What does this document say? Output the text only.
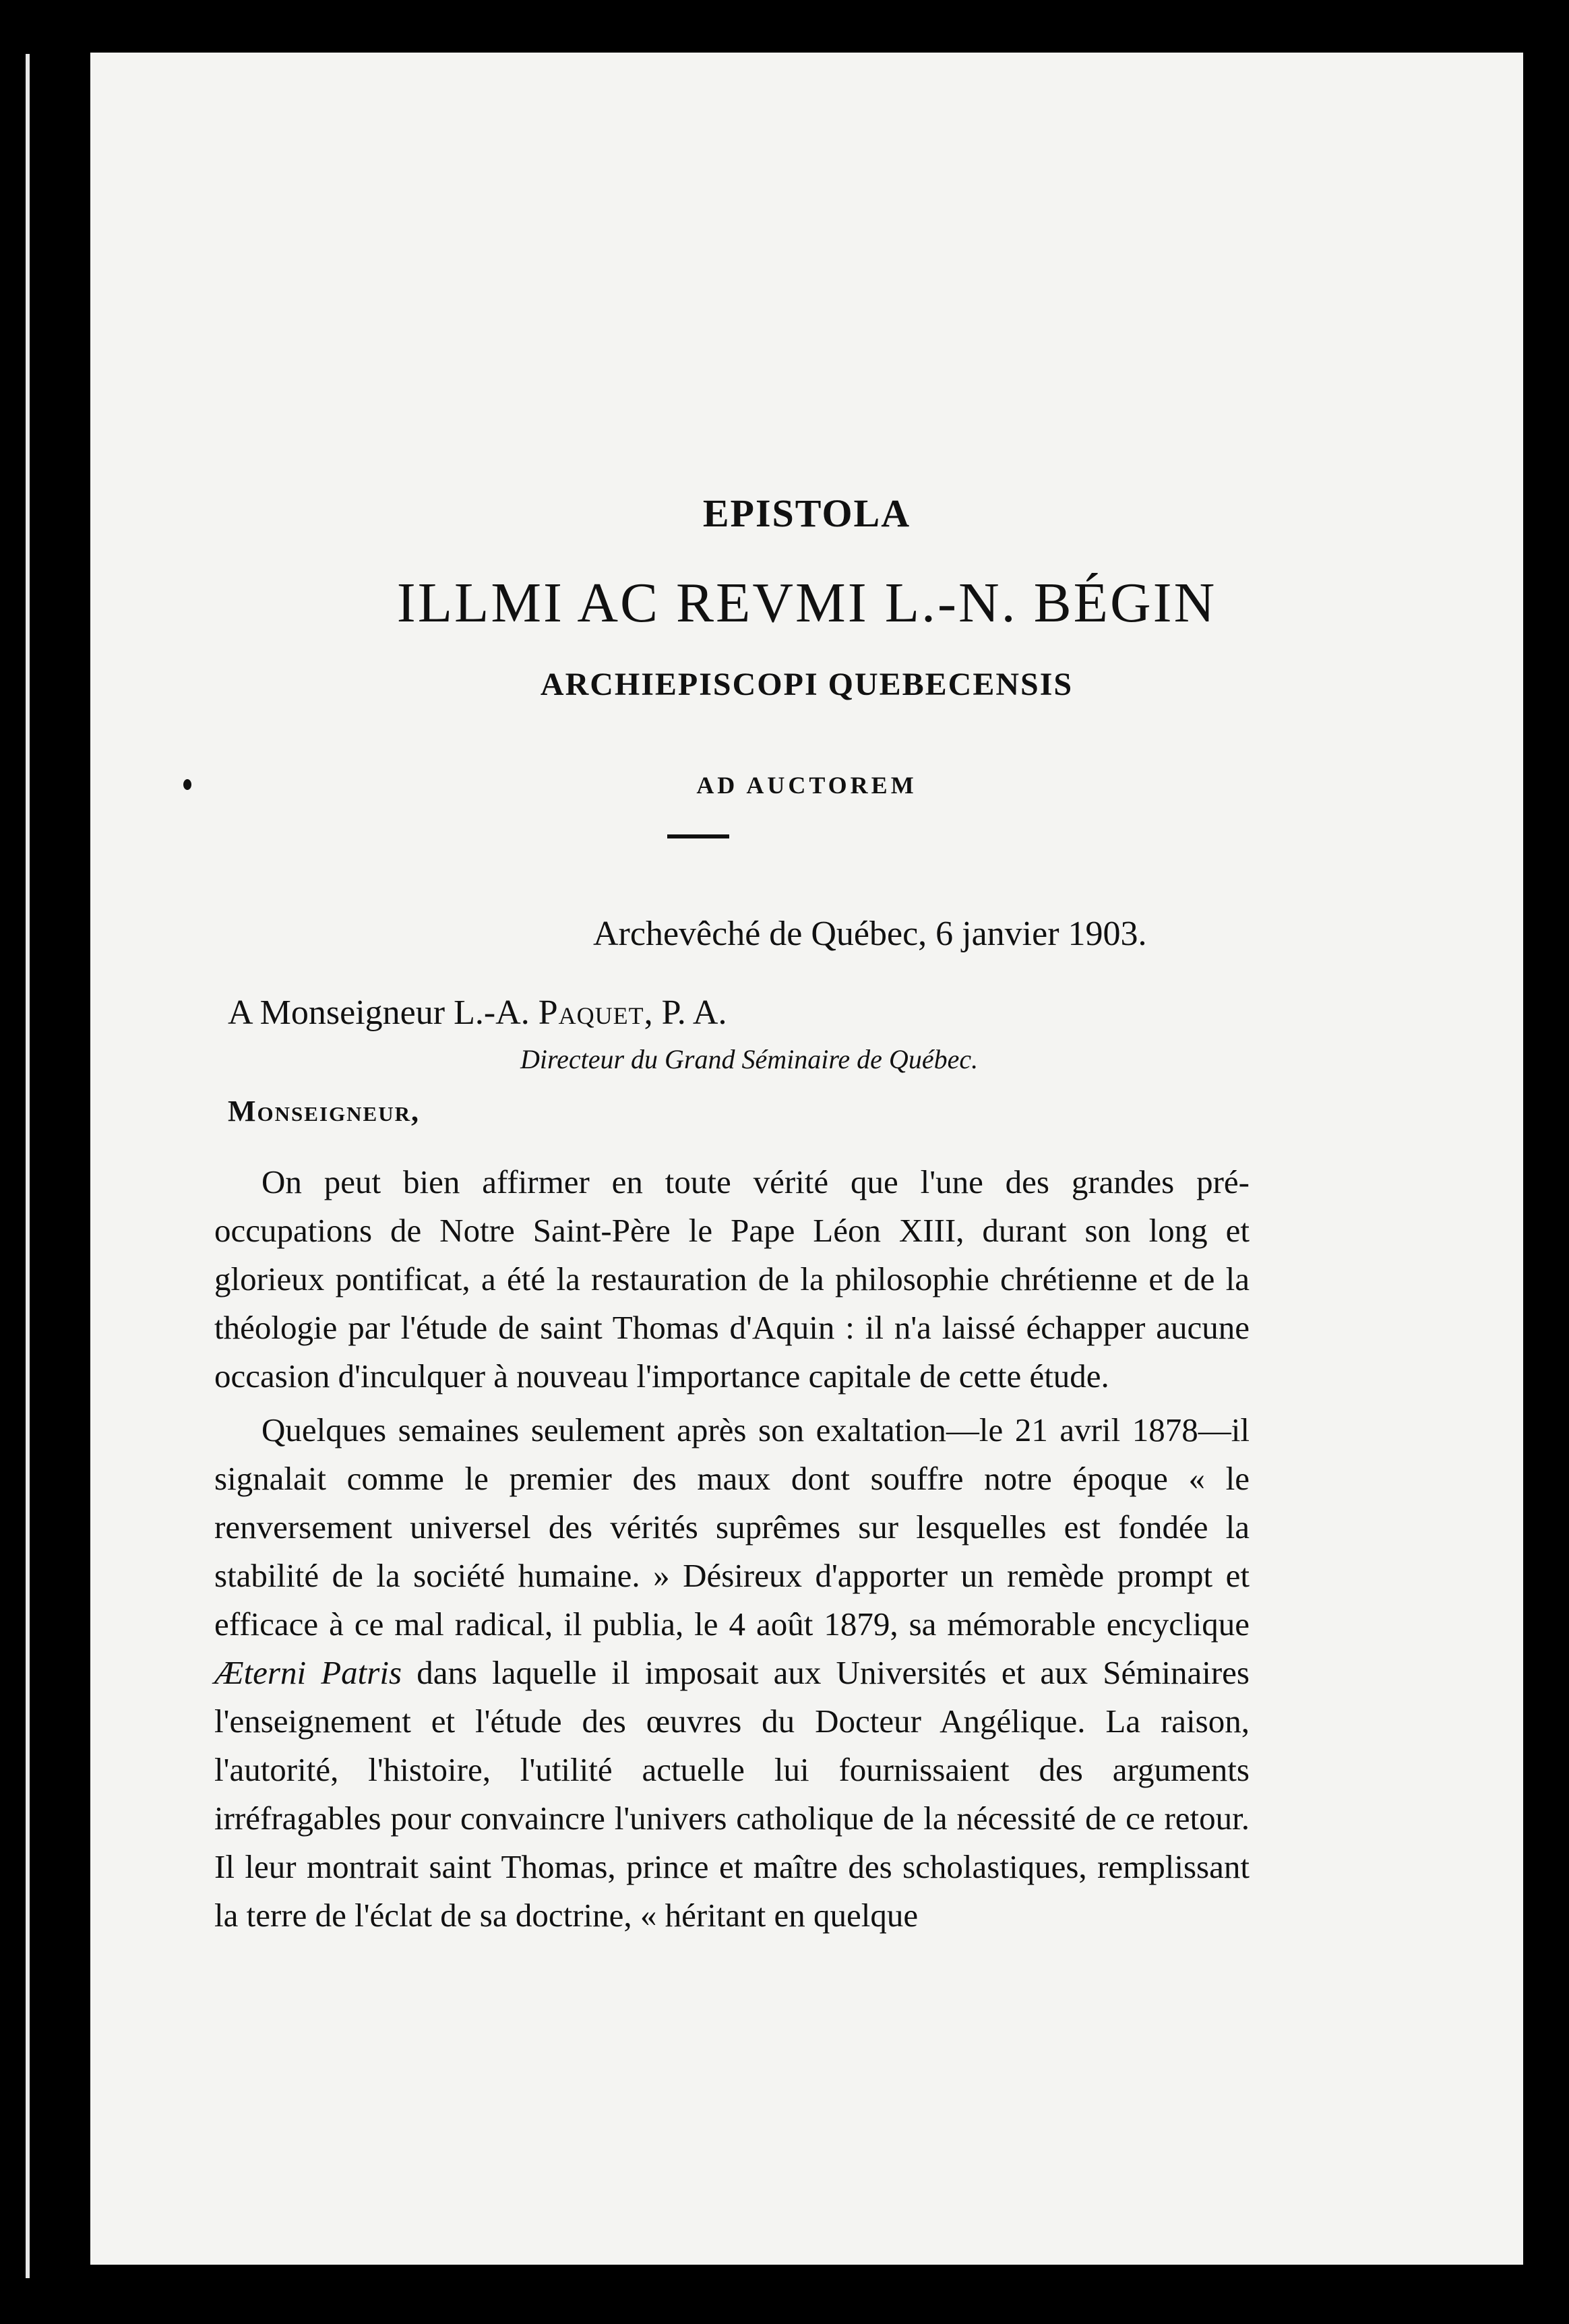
EPISTOLA
ILLMI AC REVMI L.-N. BÉGIN
ARCHIEPISCOPI QUEBECENSIS
AD AUCTOREM
Archevêché de Québec, 6 janvier 1903.
A Monseigneur L.-A. Paquet, P. A.
Directeur du Grand Séminaire de Québec.
Monseigneur,

On peut bien affirmer en toute vérité que l'une des grandes pré-occupations de Notre Saint-Père le Pape Léon XIII, durant son long et glorieux pontificat, a été la restauration de la philosophie chrétienne et de la théologie par l'étude de saint Thomas d'Aquin : il n'a laissé échapper aucune occasion d'inculquer à nouveau l'importance capitale de cette étude.

Quelques semaines seulement après son exaltation—le 21 avril 1878—il signalait comme le premier des maux dont souffre notre époque « le renversement universel des vérités suprêmes sur lesquelles est fondée la stabilité de la société humaine. » Désireux d'apporter un remède prompt et efficace à ce mal radical, il publia, le 4 août 1879, sa mémorable encyclique Æterni Patris dans laquelle il imposait aux Universités et aux Séminaires l'enseignement et l'étude des œuvres du Docteur Angélique. La raison, l'autorité, l'histoire, l'utilité actuelle lui fournissaient des arguments irréfragables pour convaincre l'univers catholique de la nécessité de ce retour. Il leur montrait saint Thomas, prince et maître des scholastiques, remplissant la terre de l'éclat de sa doctrine, « héritant en quelque
